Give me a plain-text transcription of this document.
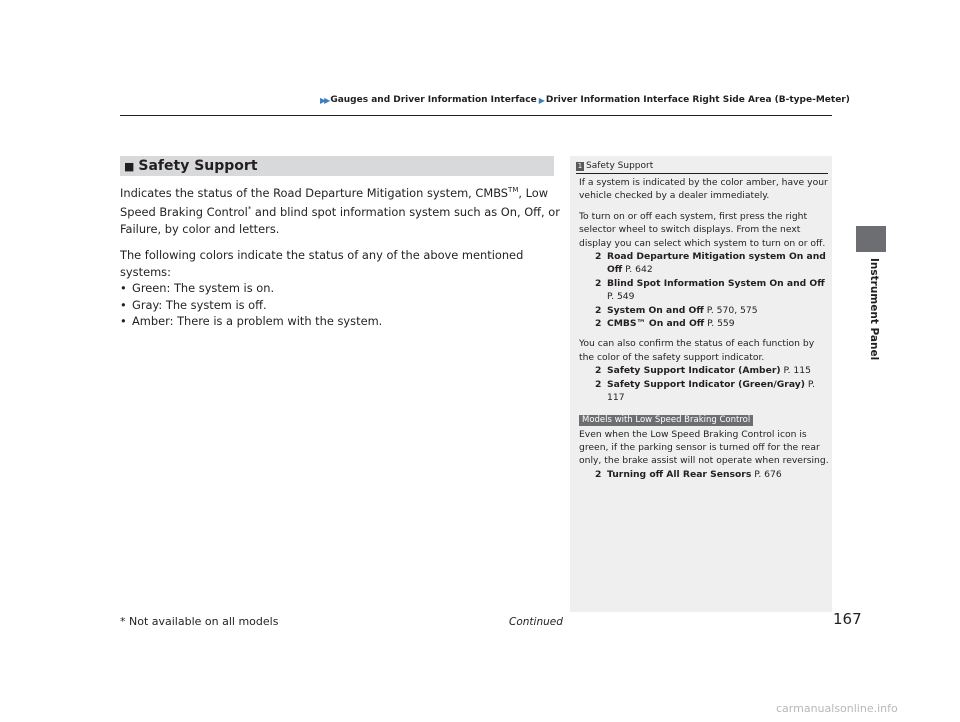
▶▶ Gauges and Driver Information Interface ▶ Driver Information Interface Right Side Area (B-type-Meter)
Instrument Panel
■ Safety Support

Indicates the status of the Road Departure Mitigation system, CMBS™, Low Speed Braking Control* and blind spot information system such as On, Off, or Failure, by color and letters.

The following colors indicate the status of any of the above mentioned systems:

• Green: The system is on.
• Gray: The system is off.
• Amber: There is a problem with the system.
1 Safety Support
If a system is indicated by the color amber, have your vehicle checked by a dealer immediately.
To turn on or off each system, first press the right selector wheel to switch displays. From the next display you can select which system to turn on or off.
2 Road Departure Mitigation system On and Off P. 642
2 Blind Spot Information System On and Off P. 549
2 System On and Off P. 570, 575
2 CMBS™ On and Off P. 559
You can also confirm the status of each function by the color of the safety support indicator.
2 Safety Support Indicator (Amber) P. 115
2 Safety Support Indicator (Green/Gray) P. 117
Models with Low Speed Braking Control
Even when the Low Speed Braking Control icon is green, if the parking sensor is turned off for the rear only, the brake assist will not operate when reversing.
2 Turning off All Rear Sensors P. 676
* Not available on all models	Continued	167
carmanualsonline.info
